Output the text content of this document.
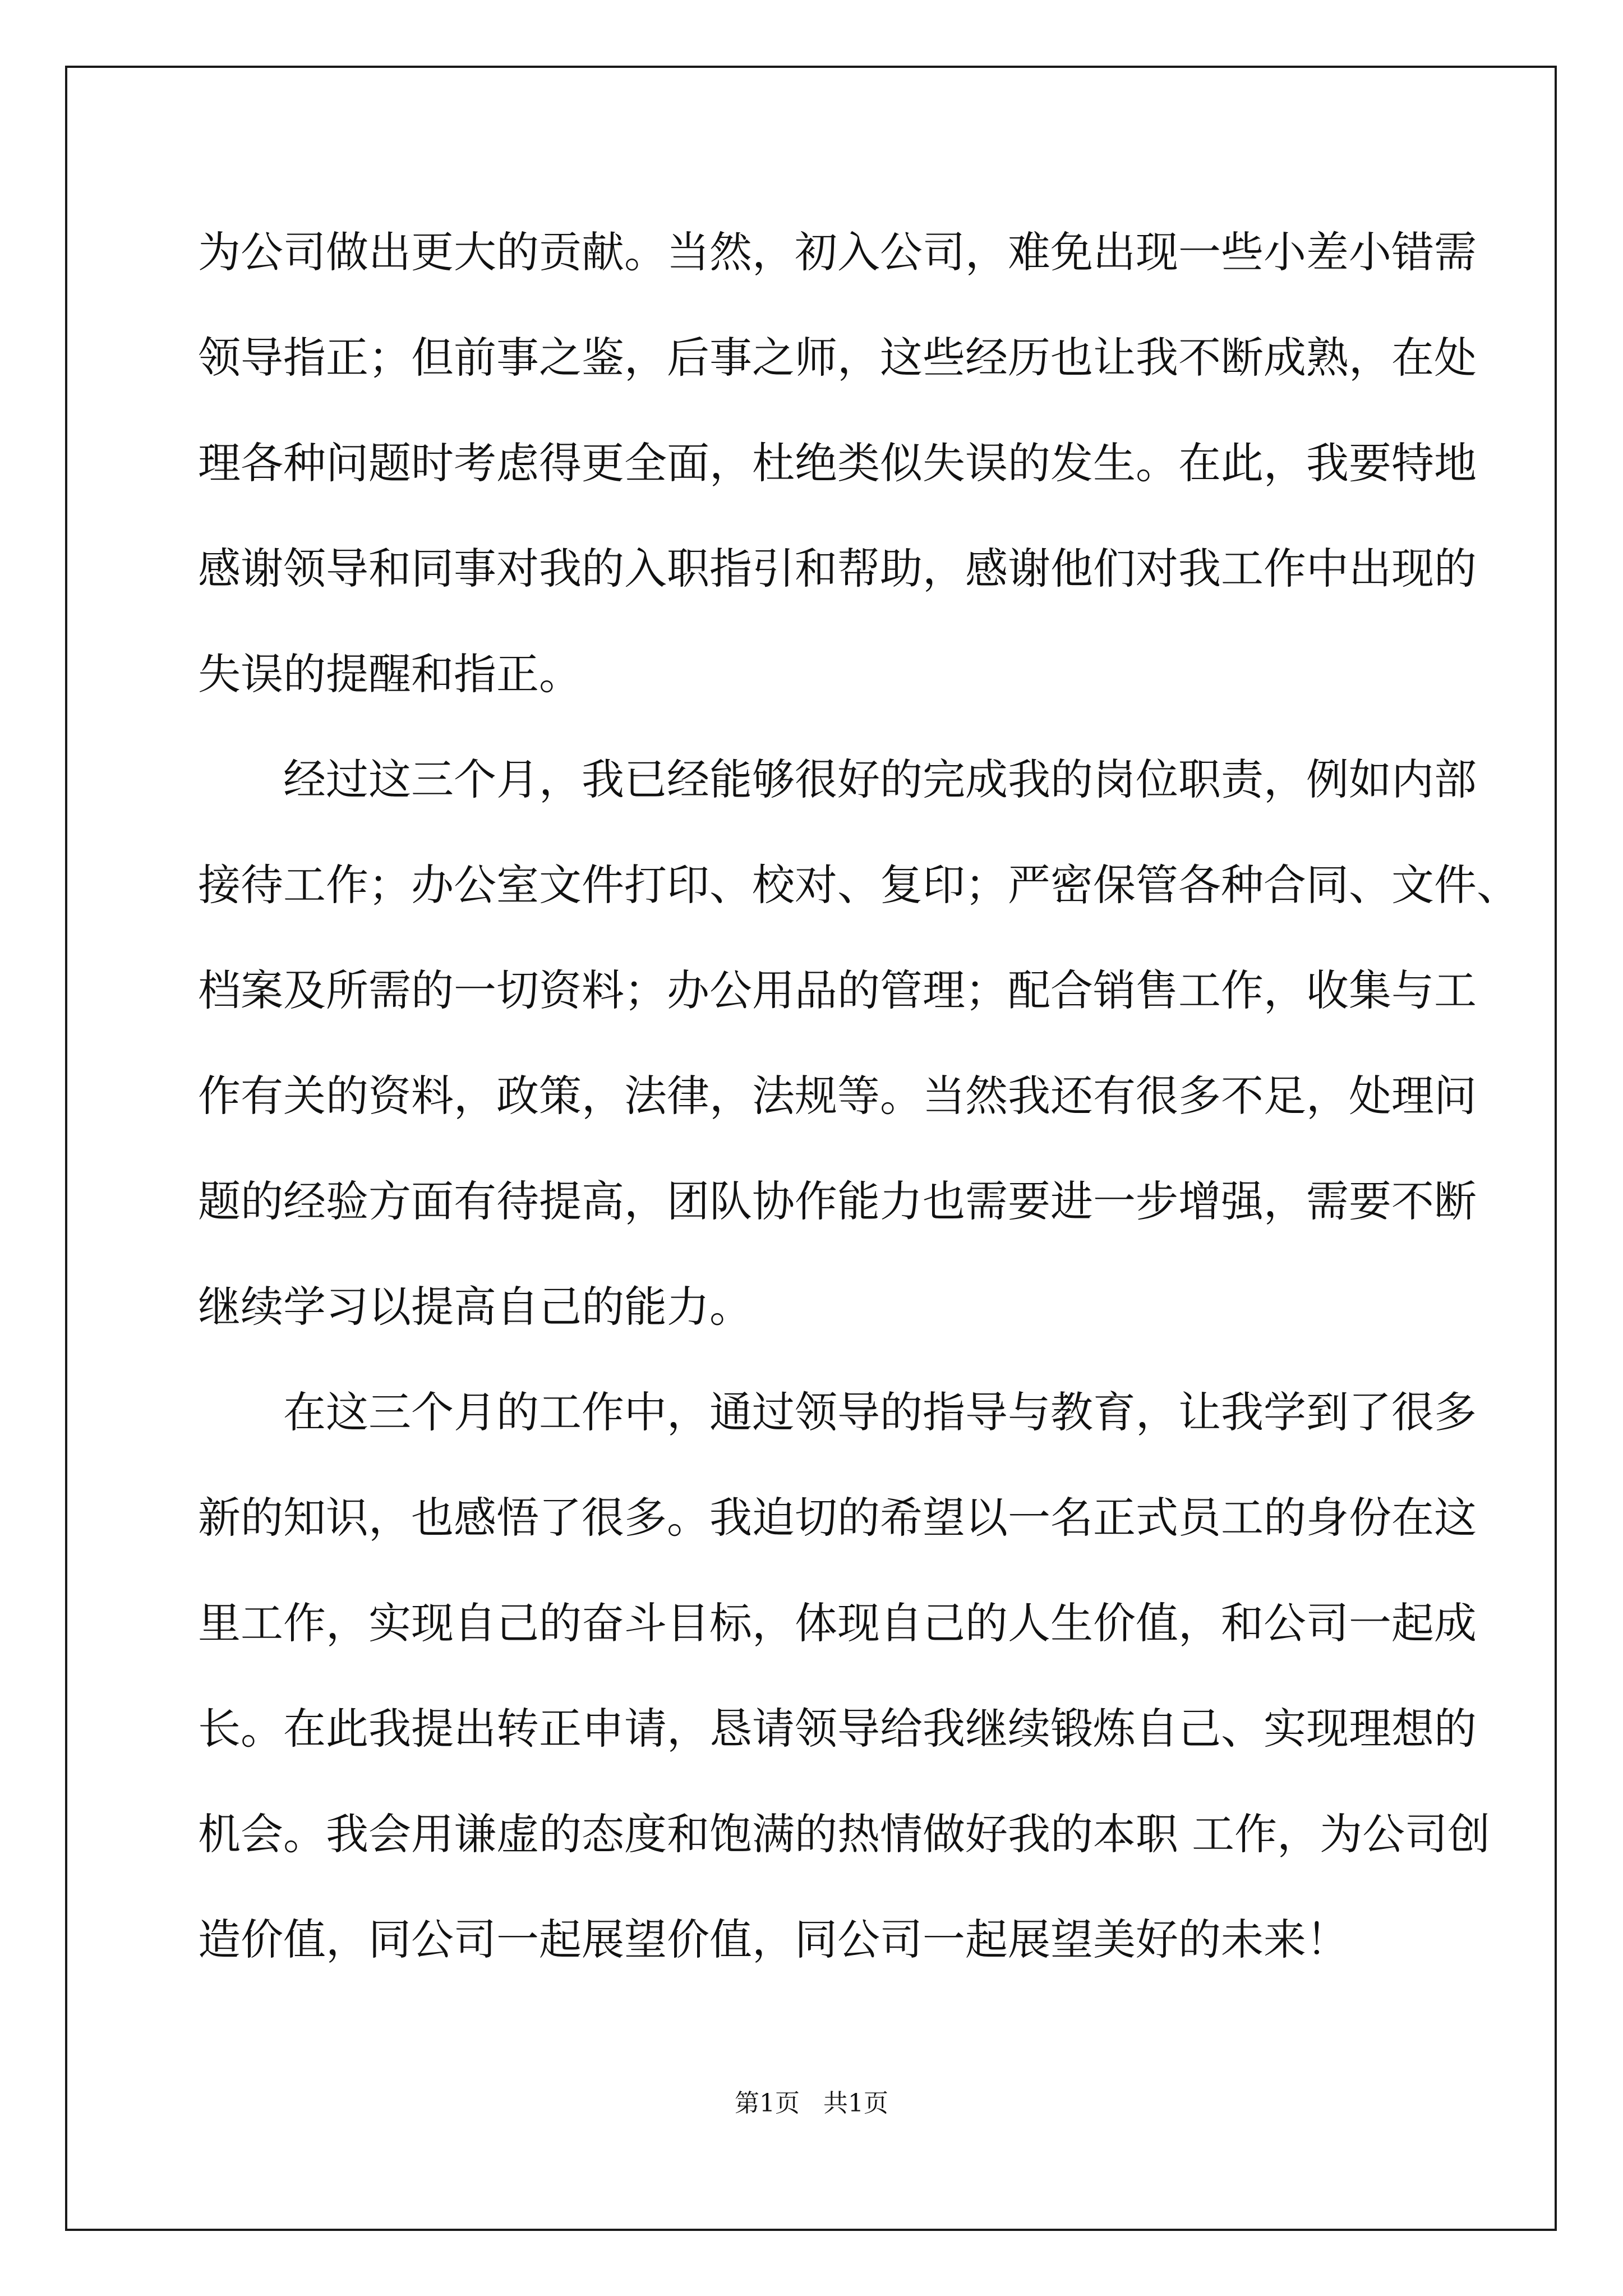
为公司做出更大的贡献。当然，初入公司，难免出现一些小差小错需

领导指正；但前事之鉴，后事之师，这些经历也让我不断成熟，在处

理各种问题时考虑得更全面，杜绝类似失误的发生。在此，我要特地

感谢领导和同事对我的入职指引和帮助，感谢他们对我工作中出现的

失误的提醒和指正。

经过这三个月，我已经能够很好的完成我的岗位职责，例如内部

接待工作；办公室文件打印、校对、复印；严密保管各种合同、文件、

档案及所需的一切资料；办公用品的管理；配合销售工作，收集与工

作有关的资料，政策，法律，法规等。当然我还有很多不足，处理问

题的经验方面有待提高，团队协作能力也需要进一步增强，需要不断

继续学习以提高自己的能力。

在这三个月的工作中，通过领导的指导与教育，让我学到了很多

新的知识，也感悟了很多。我迫切的希望以一名正式员工的身份在这

里工作，实现自己的奋斗目标，体现自己的人生价值，和公司一起成

长。在此我提出转正申请，恳请领导给我继续锻炼自己、实现理想的

机会。我会用谦虚的态度和饱满的热情做好我的本职 工作，为公司创

造价值，同公司一起展望价值，同公司一起展望美好的未来！

第1页   共1页
